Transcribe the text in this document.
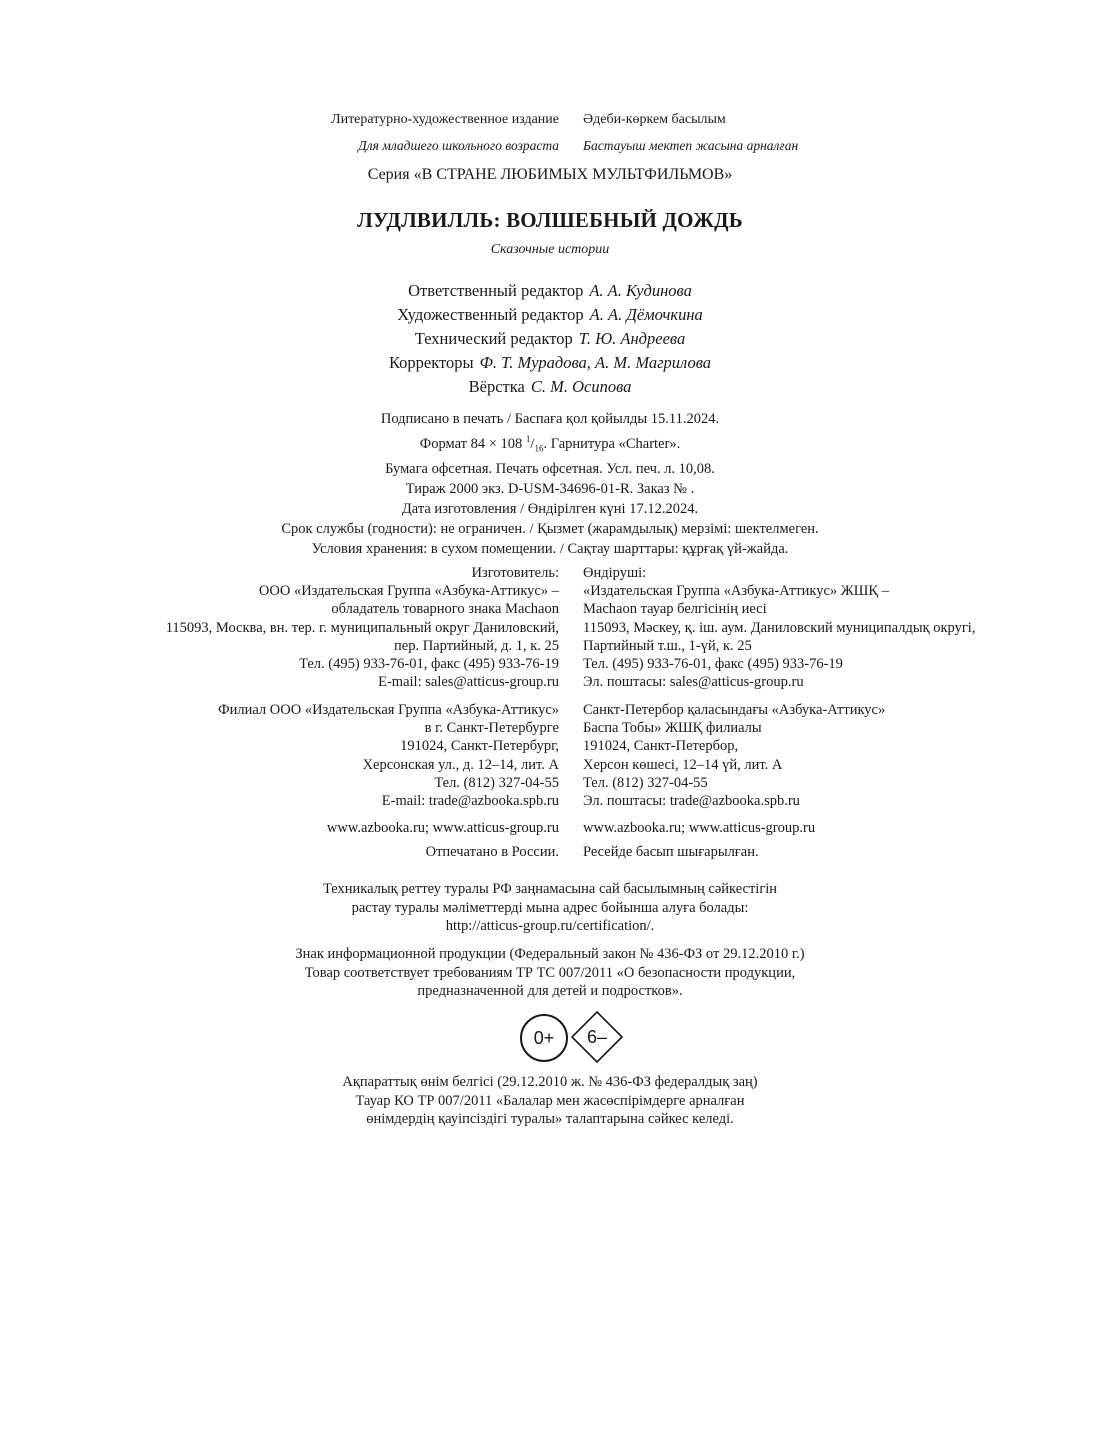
Литературно-художественное издание Әдеби-көркем басылым
Для младшего школьного возраста Бастауыш мектеп жасына арналған
Серия «В СТРАНЕ ЛЮБИМЫХ МУЛЬТФИЛЬМОВ»
ЛУДЛВИЛЛЬ: ВОЛШЕБНЫЙ ДОЖДЬ
Сказочные истории
Ответственный редактор А. А. Кудинова
Художественный редактор А. А. Дёмочкина
Технический редактор Т. Ю. Андреева
Корректоры Ф. Т. Мурадова, А. М. Магрилова
Вёрстка С. М. Осипова
Подписано в печать / Баспаға қол қойылды 15.11.2024.
Формат 84 × 108 $^1/_{16}$. Гарнитура «Charter».
Бумага офсетная. Печать офсетная. Усл. печ. л. 10,08.
Тираж 2000 экз. D-USM-34696-01-R. Заказ № .
Дата изготовления / Өндірілген күні 17.12.2024.
Срок службы (годности): не ограничен. / Қызмет (жарамдылық) мерзімі: шектелмеген.
Условия хранения: в сухом помещении. / Сақтау шарттары: құрғақ үй-жайда.
Изготовитель:
ООО «Издательская Группа «Азбука-Аттикус» –
обладатель товарного знака Machaon
115093, Москва, вн. тер. г. муниципальный округ Даниловский,
пер. Партийный, д. 1, к. 25
Тел. (495) 933-76-01, факс (495) 933-76-19
E-mail: sales@atticus-group.ru
Өндіруші:
«Издательская Группа «Азбука-Аттикус» ЖШҚ –
Machaon тауар белгісінің иесі
115093, Мәскеу, қ. іш. аум. Даниловский муниципалдық округі,
Партийный т.ш., 1-үй, к. 25
Тел. (495) 933-76-01, факс (495) 933-76-19
Эл. поштасы: sales@atticus-group.ru
Филиал ООО «Издательская Группа «Азбука-Аттикус»
в г. Санкт-Петербурге
191024, Санкт-Петербург,
Херсонская ул., д. 12–14, лит. А
Тел. (812) 327-04-55
E-mail: trade@azbooka.spb.ru
Санкт-Петербор қаласындағы «Азбука-Аттикус»
Баспа Тобы» ЖШҚ филиалы
191024, Санкт-Петербор,
Херсон көшесі, 12–14 үй, лит. А
Тел. (812) 327-04-55
Эл. поштасы: trade@azbooka.spb.ru
www.azbooka.ru; www.atticus-group.ru www.azbooka.ru; www.atticus-group.ru
Отпечатано в России. Ресейде басып шығарылған.
Техникалық реттеу туралы РФ заңнамасына сай басылымның сәйкестігін
растау туралы мәліметтерді мына адрес бойынша алуға болады:
http://atticus-group.ru/certification/.
Знак информационной продукции (Федеральный закон № 436-ФЗ от 29.12.2010 г.)
Товар соответствует требованиям ТР ТС 007/2011 «О безопасности продукции,
предназначенной для детей и подростков».
0+	6–
Ақпараттық өнім белгісі (29.12.2010 ж. № 436-ФЗ федералдық заң)
Тауар КО ТР 007/2011 «Балалар мен жасөспірімдерге арналған
өнімдердің қауіпсіздігі туралы» талаптарына сәйкес келеді.
